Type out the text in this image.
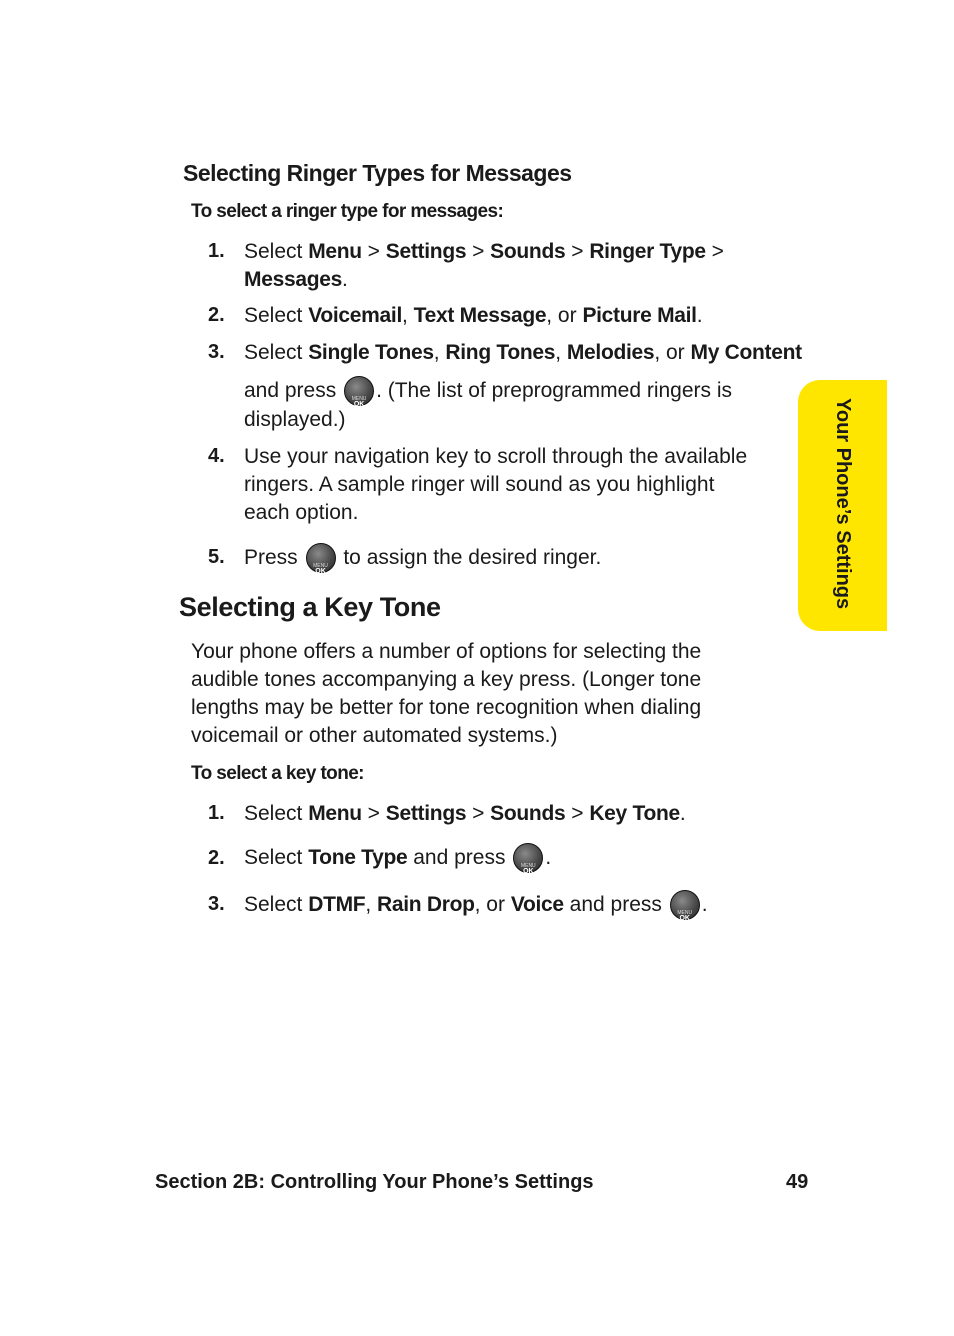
Selecting Ringer Types for Messages
To select a ringer type for messages:
1. Select Menu > Settings > Sounds > Ringer Type >
Messages.
2. Select Voicemail, Text Message, or Picture Mail.
3. Select Single Tones, Ring Tones, Melodies, or My Content
and press MENU OK. (The list of preprogrammed ringers is
displayed.)
4. Use your navigation key to scroll through the available
ringers. A sample ringer will sound as you highlight
each option.
5. Press MENU OK to assign the desired ringer.
Selecting a Key Tone
Your phone offers a number of options for selecting the
audible tones accompanying a key press. (Longer tone
lengths may be better for tone recognition when dialing
voicemail or other automated systems.)
To select a key tone:
1. Select Menu > Settings > Sounds > Key Tone.
2. Select Tone Type and press MENU OK.
3. Select DTMF, Rain Drop, or Voice and press MENU OK.
Your Phone’s Settings
Section 2B: Controlling Your Phone’s Settings	49
